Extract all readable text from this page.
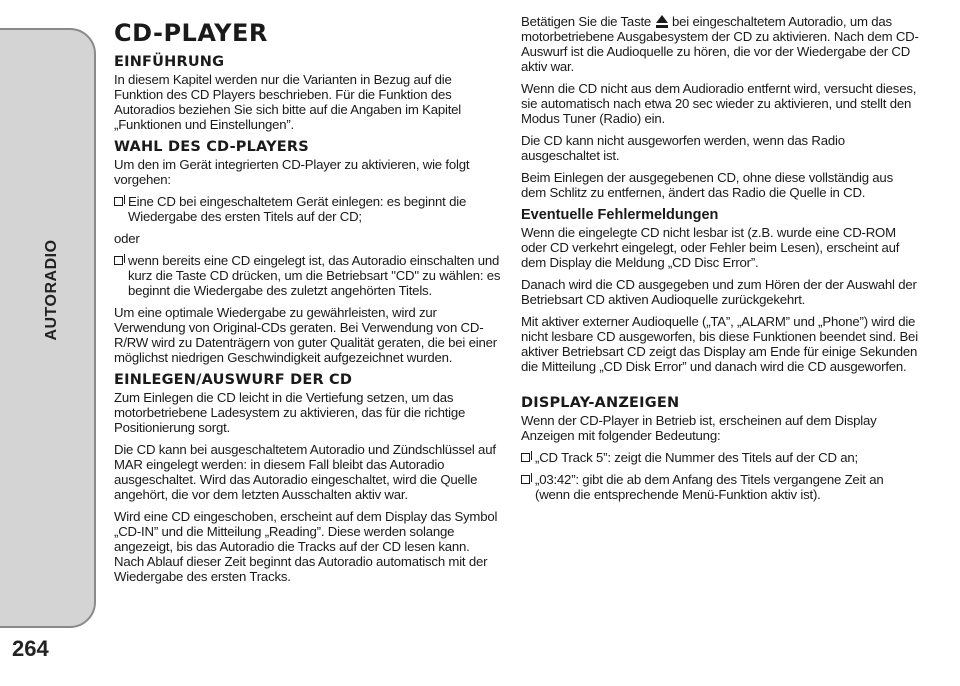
AUTORADIO
264
CD-PLAYER
EINFÜHRUNG

In diesem Kapitel werden nur die Varianten in Bezug auf die Funktion des CD Players beschrieben. Für die Funktion des Autoradios beziehen Sie sich bitte auf die Angaben im Kapitel „Funktionen und Einstellungen”.

WAHL DES CD-PLAYERS

Um den im Gerät integrierten CD-Player zu aktivieren, wie folgt vorgehen:

Eine CD bei eingeschaltetem Gerät einlegen: es beginnt die Wiedergabe des ersten Titels auf der CD;

oder

wenn bereits eine CD eingelegt ist, das Autoradio einschalten und kurz die Taste CD drücken, um die Betriebsart "CD" zu wählen: es beginnt die Wiedergabe des zuletzt angehörten Titels.

Um eine optimale Wiedergabe zu gewährleisten, wird zur Verwendung von Original-CDs geraten. Bei Verwendung von CD-R/RW wird zu Datenträgern von guter Qualität geraten, die bei einer möglichst niedrigen Geschwindigkeit aufgezeichnet wurden.

EINLEGEN/AUSWURF DER CD

Zum Einlegen die CD leicht in die Vertiefung setzen, um das motorbetriebene Ladesystem zu aktivieren, das für die richtige Positionierung sorgt.

Die CD kann bei ausgeschaltetem Autoradio und Zündschlüssel auf MAR eingelegt werden: in diesem Fall bleibt das Autoradio ausgeschaltet. Wird das Autoradio eingeschaltet, wird die Quelle angehört, die vor dem letzten Ausschalten aktiv war.

Wird eine CD eingeschoben, erscheint auf dem Display das Symbol „CD-IN” und die Mitteilung „Reading”. Diese werden solange angezeigt, bis das Autoradio die Tracks auf der CD lesen kann. Nach Ablauf dieser Zeit beginnt das Autoradio automatisch mit der Wiedergabe des ersten Tracks.

Betätigen Sie die Taste bei eingeschaltetem Autoradio, um das motorbetriebene Ausgabesystem der CD zu aktivieren. Nach dem CD-Auswurf ist die Audioquelle zu hören, die vor der Wiedergabe der CD aktiv war.

Wenn die CD nicht aus dem Audioradio entfernt wird, versucht dieses, sie automatisch nach etwa 20 sec wieder zu aktivieren, und stellt den Modus Tuner (Radio) ein.

Die CD kann nicht ausgeworfen werden, wenn das Radio ausgeschaltet ist.

Beim Einlegen der ausgegebenen CD, ohne diese vollständig aus dem Schlitz zu entfernen, ändert das Radio die Quelle in CD.

Eventuelle Fehlermeldungen

Wenn die eingelegte CD nicht lesbar ist (z.B. wurde eine CD-ROM oder CD verkehrt eingelegt, oder Fehler beim Lesen), erscheint auf dem Display die Meldung „CD Disc Error”.

Danach wird die CD ausgegeben und zum Hören der der Auswahl der Betriebsart CD aktiven Audioquelle zurückgekehrt.

Mit aktiver externer Audioquelle („TA”, „ALARM” und „Phone”) wird die nicht lesbare CD ausgeworfen, bis diese Funktionen beendet sind. Bei aktiver Betriebsart CD zeigt das Display am Ende für einige Sekunden die Mitteilung „CD Disk Error” und danach wird die CD ausgeworfen.

DISPLAY-ANZEIGEN

Wenn der CD-Player in Betrieb ist, erscheinen auf dem Display Anzeigen mit folgender Bedeutung:

„CD Track 5”: zeigt die Nummer des Titels auf der CD an;
„03:42”: gibt die ab dem Anfang des Titels vergangene Zeit an (wenn die entsprechende Menü-Funktion aktiv ist).
